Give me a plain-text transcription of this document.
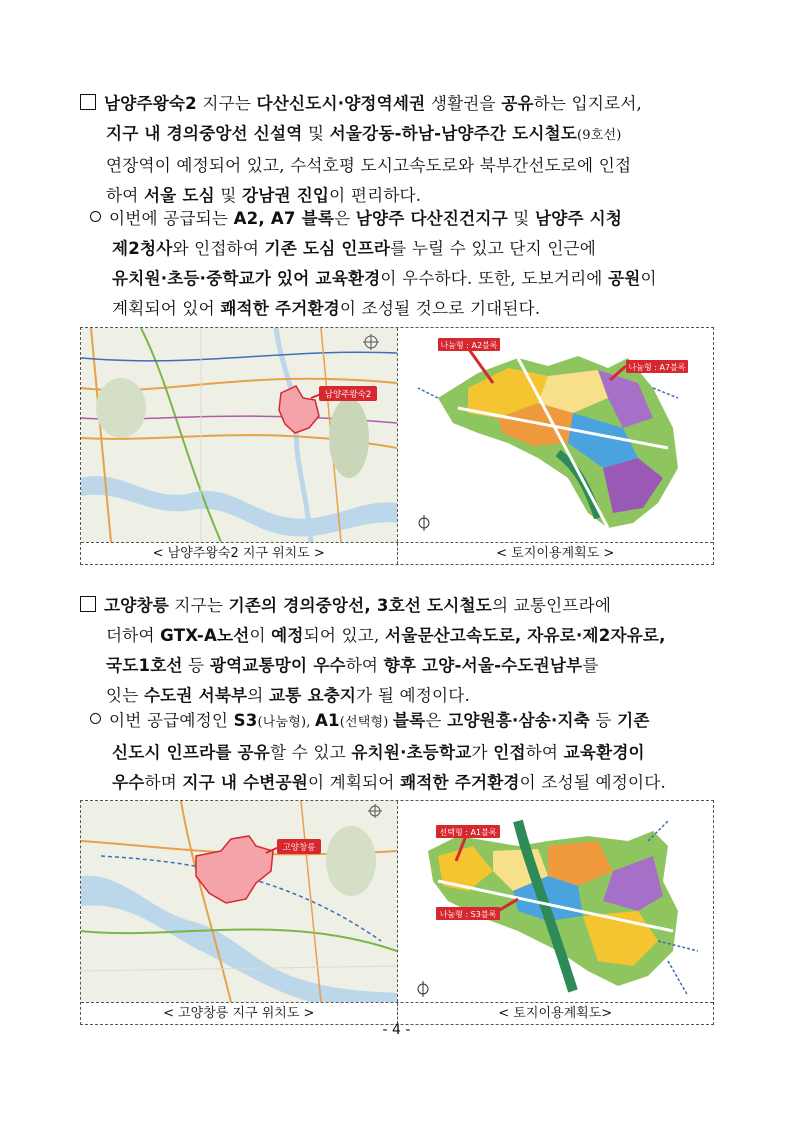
남양주왕숙2 지구는 다산신도시·양정역세권 생활권을 공유하는 입지로서,
지구 내 경의중앙선 신설역 및 서울강동-하남-남양주간 도시철도(9호선)
연장역이 예정되어 있고, 수석호평 도시고속도로와 북부간선도로에 인접
하여 서울 도심 및 강남권 진입이 편리하다.
이번에 공급되는 A2, A7 블록은 남양주 다산진건지구 및 남양주 시청
제2청사와 인접하여 기존 도심 인프라를 누릴 수 있고 단지 인근에
유치원·초등·중학교가 있어 교육환경이 우수하다. 또한, 도보거리에 공원이
계획되어 있어 쾌적한 주거환경이 조성될 것으로 기대된다.
남양주왕숙2
나눔형 : A2블록
나눔형 : A7블록
< 남양주왕숙2 지구 위치도 >	< 토지이용계획도 >
고양창릉 지구는 기존의 경의중앙선, 3호선 도시철도의 교통인프라에
더하여 GTX-A노선이 예정되어 있고, 서울문산고속도로, 자유로·제2자유로,
국도1호선 등 광역교통망이 우수하여 향후 고양-서울-수도권남부를
잇는 수도권 서북부의 교통 요충지가 될 예정이다.
이번 공급예정인 S3(나눔형), A1(선택형) 블록은 고양원흥·삼송·지축 등 기존
신도시 인프라를 공유할 수 있고 유치원·초등학교가 인접하여 교육환경이
우수하며 지구 내 수변공원이 계획되어 쾌적한 주거환경이 조성될 예정이다.
고양창릉
선택형 : A1블록
나눔형 : S3블록
< 고양창릉 지구 위치도 >	< 토지이용계획도>
- 4 -
